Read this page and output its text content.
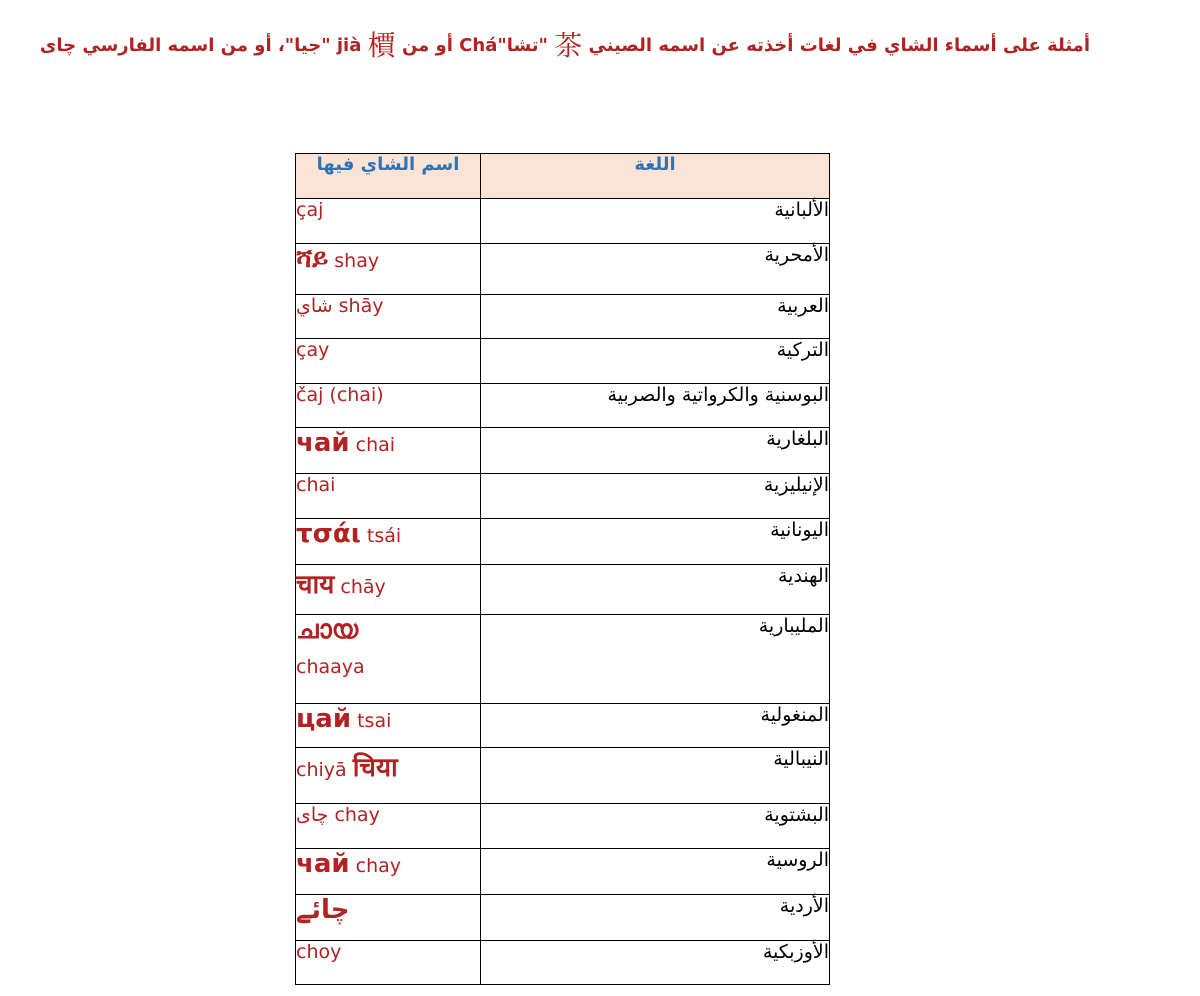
أمثلة على أسماء الشاي في لغات أخذته عن اسمه الصيني 茶 "تشا"Chá أو من jià 檟 "جيا"، أو من اسمه الفارسي چاى
اسم الشاي فيها	اللغة
çaj	الألبانية
ሻይ shay	الأمحرية
شاي shāy	العربية
çay	التركية
čaj (chai)	البوسنية والكرواتية والصربية
чай chai	البلغارية
chai	الإنيليزية
τσάι tsái	اليونانية
चाय chāy	الهندية
ചായ
chaaya	المليبارية
цай tsai	المنغولية
chiyā चिया	النيبالية
چاى chay	البشتوية
чай chay	الروسية
چائے	الأردية
choy	الأوزبكية
